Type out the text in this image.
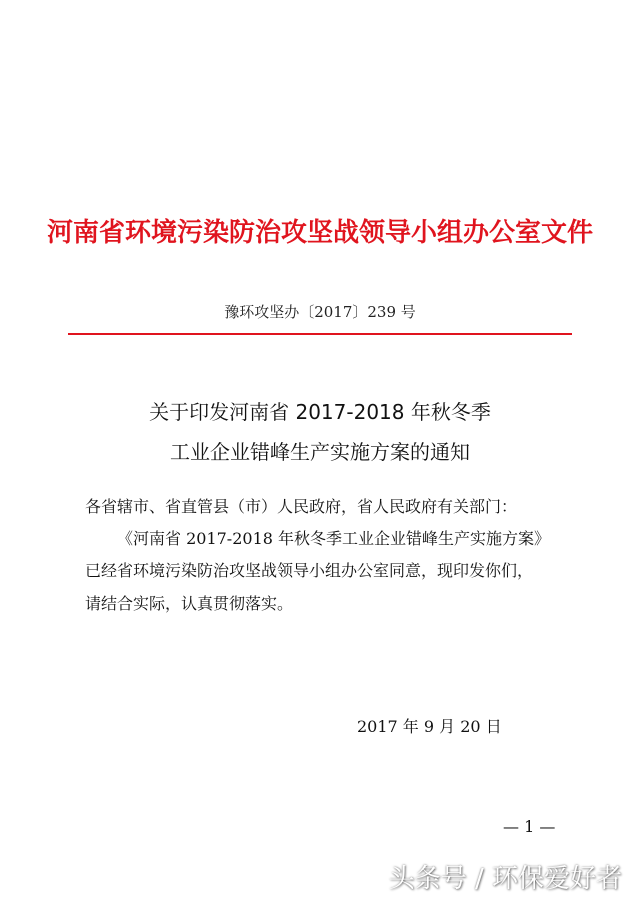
河南省环境污染防治攻坚战领导小组办公室文件
豫环攻坚办〔2017〕239 号
关于印发河南省 2017-2018 年秋冬季
工业企业错峰生产实施方案的通知
各省辖市、省直管县（市）人民政府，省人民政府有关部门：
《河南省 2017-2018 年秋冬季工业企业错峰生产实施方案》
已经省环境污染防治攻坚战领导小组办公室同意，现印发你们，
请结合实际，认真贯彻落实。
2017 年 9 月 20 日
— 1 —
头条号 / 环保爱好者
